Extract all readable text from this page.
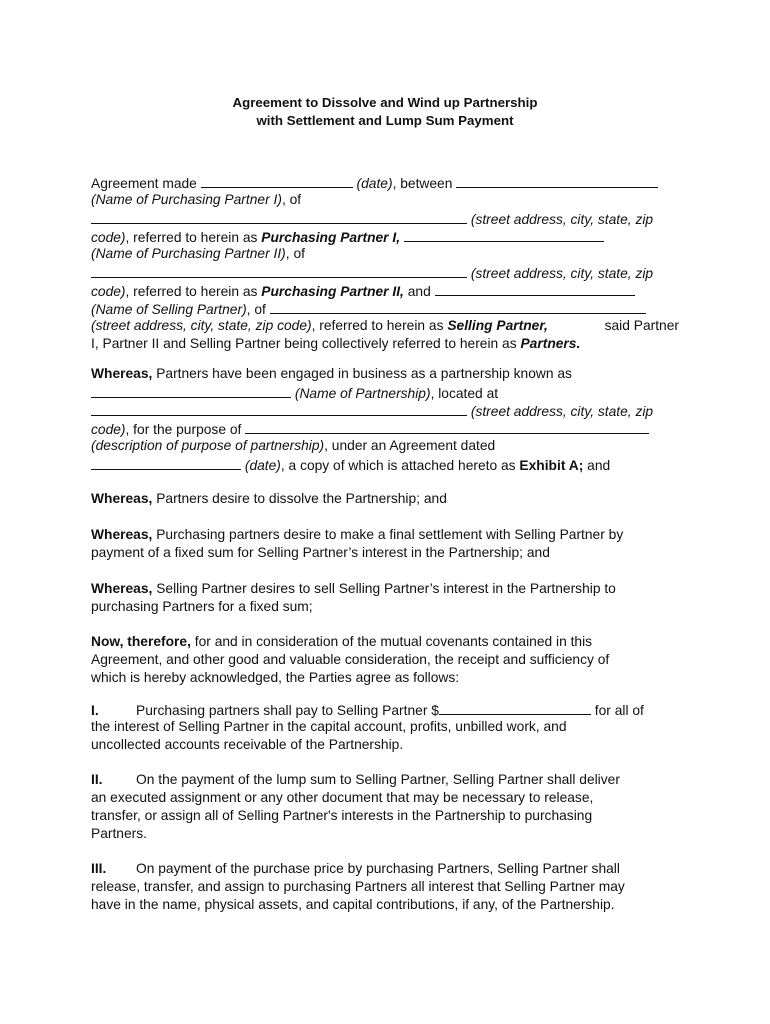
Agreement to Dissolve and Wind up Partnership
with Settlement and Lump Sum Payment
Agreement made	(date), between
(Name of Purchasing Partner I), of
(street address, city, state, zip
code), referred to herein as Purchasing Partner I,
(Name of Purchasing Partner II), of
(street address, city, state, zip
code), referred to herein as Purchasing Partner II, and
(Name of Selling Partner), of
(street address, city, state, zip code), referred to herein as Selling Partner,	said Partner
I, Partner II and Selling Partner being collectively referred to herein as Partners.
Whereas, Partners have been engaged in business as a partnership known as
(Name of Partnership), located at
(street address, city, state, zip
code), for the purpose of
(description of purpose of partnership), under an Agreement dated
(date), a copy of which is attached hereto as Exhibit A; and
Whereas, Partners desire to dissolve the Partnership; and
Whereas, Purchasing partners desire to make a final settlement with Selling Partner by
payment of a fixed sum for Selling Partner’s interest in the Partnership; and
Whereas, Selling Partner desires to sell Selling Partner’s interest in the Partnership to
purchasing Partners for a fixed sum;
Now, therefore, for and in consideration of the mutual covenants contained in this
Agreement, and other good and valuable consideration, the receipt and sufficiency of
which is hereby acknowledged, the Parties agree as follows:
I.	Purchasing partners shall pay to Selling Partner $	for all of
the interest of Selling Partner in the capital account, profits, unbilled work, and
uncollected accounts receivable of the Partnership.
II. On the payment of the lump sum to Selling Partner, Selling Partner shall deliver
an executed assignment or any other document that may be necessary to release,
transfer, or assign all of Selling Partner's interests in the Partnership to purchasing
Partners.
III. On payment of the purchase price by purchasing Partners, Selling Partner shall
release, transfer, and assign to purchasing Partners all interest that Selling Partner may
have in the name, physical assets, and capital contributions, if any, of the Partnership.
